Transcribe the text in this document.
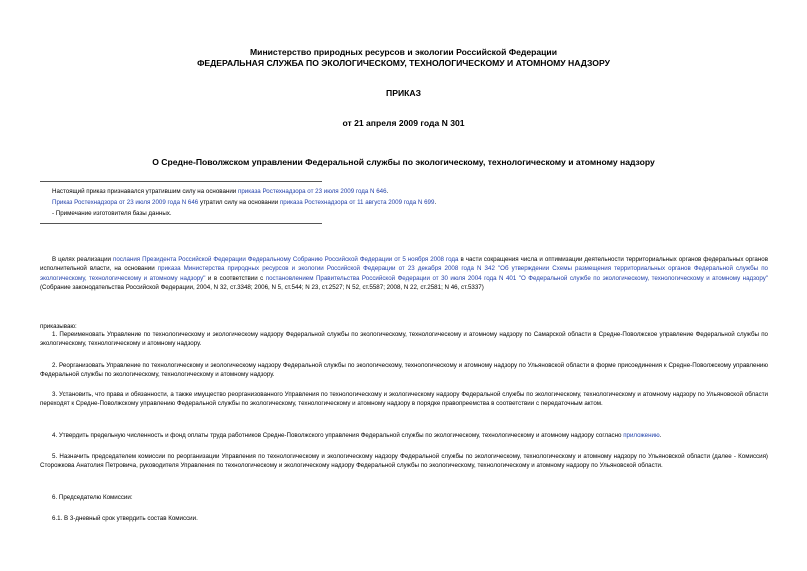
Министерство природных ресурсов и экологии Российской Федерации
ФЕДЕРАЛЬНАЯ СЛУЖБА ПО ЭКОЛОГИЧЕСКОМУ, ТЕХНОЛОГИЧЕСКОМУ И АТОМНОМУ НАДЗОРУ
ПРИКАЗ
от 21 апреля 2009 года N 301
О Средне-Поволжском управлении Федеральной службы по экологическому, технологическому и атомному надзору
Настоящий приказ признавался утратившим силу на основании приказа Ростехнадзора от 23 июля 2009 года N 646.
Приказ Ростехнадзора от 23 июля 2009 года N 646 утратил силу на основании приказа Ростехнадзора от 11 августа 2009 года N 699.
- Примечание изготовителя базы данных.
В целях реализации послания Президента Российской Федерации Федеральному Собранию Российской Федерации от 5 ноября 2008 года в части сокращения числа и оптимизации деятельности территориальных органов федеральных органов исполнительной власти, на основании приказа Министерства природных ресурсов и экологии Российской Федерации от 23 декабря 2008 года N 342 "Об утверждении Схемы размещения территориальных органов Федеральной службы по экологическому, технологическому и атомному надзору" и в соответствии с постановлением Правительства Российской Федерации от 30 июля 2004 года N 401 "О Федеральной службе по экологическому, технологическому и атомному надзору" (Собрание законодательства Российской Федерации, 2004, N 32, ст.3348; 2006, N 5, ст.544; N 23, ст.2527; N 52, ст.5587; 2008, N 22, ст.2581; N 46, ст.5337)
приказываю:
1. Переименовать Управление по технологическому и экологическому надзору Федеральной службы по экологическому, технологическому и атомному надзору по Самарской области в Средне-Поволжское управление Федеральной службы по экологическому, технологическому и атомному надзору.
2. Реорганизовать Управление по технологическому и экологическому надзору Федеральной службы по экологическому, технологическому и атомному надзору по Ульяновской области в форме присоединения к Средне-Поволжскому управлению Федеральной службы по экологическому, технологическому и атомному надзору.
3. Установить, что права и обязанности, а также имущество реорганизованного Управления по технологическому и экологическому надзору Федеральной службы по экологическому, технологическому и атомному надзору по Ульяновской области переходят к Средне-Поволжскому управлению Федеральной службы по экологическому, технологическому и атомному надзору в порядке правопреемства в соответствии с передаточным актом.
4. Утвердить предельную численность и фонд оплаты труда работников Средне-Поволжского управления Федеральной службы по экологическому, технологическому и атомному надзору согласно приложению.
5. Назначить председателем комиссии по реорганизации Управления по технологическому и экологическому надзору Федеральной службы по экологическому, технологическому и атомному надзору по Ульяновской области (далее - Комиссия) Сторожкова Анатолия Петровича, руководителя Управления по технологическому и экологическому надзору Федеральной службы по экологическому, технологическому и атомному надзору по Ульяновской области.
6. Председателю Комиссии:
6.1. В 3-дневный срок утвердить состав Комиссии.
